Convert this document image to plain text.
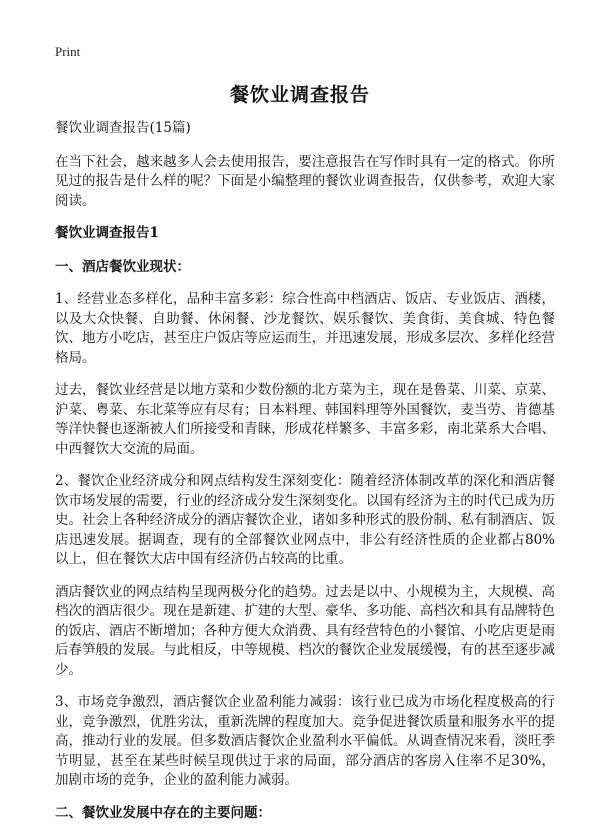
Print
餐饮业调查报告

餐饮业调查报告(15篇)

在当下社会，越来越多人会去使用报告，要注意报告在写作时具有一定的格式。你所见过的报告是什么样的呢？下面是小编整理的餐饮业调查报告，仅供参考，欢迎大家阅读。

餐饮业调查报告1

一、酒店餐饮业现状：

1、经营业态多样化，品种丰富多彩：综合性高中档酒店、饭店、专业饭店、酒楼，以及大众快餐、自助餐、休闲餐、沙龙餐饮、娱乐餐饮、美食街、美食城、特色餐饮、地方小吃店，甚至庄户饭店等应运而生，并迅速发展，形成多层次、多样化经营格局。

过去，餐饮业经营是以地方菜和少数份额的北方菜为主，现在是鲁菜、川菜、京菜、沪菜、粤菜、东北菜等应有尽有；日本料理、韩国料理等外国餐饮，麦当劳、肯德基等洋快餐也逐渐被人们所接受和青睐，形成花样繁多、丰富多彩，南北菜系大合唱、中西餐饮大交流的局面。

2、餐饮企业经济成分和网点结构发生深刻变化：随着经济体制改革的深化和酒店餐饮市场发展的需要，行业的经济成分发生深刻变化。以国有经济为主的时代已成为历史。社会上各种经济成分的酒店餐饮企业，诸如多种形式的股份制、私有制酒店、饭店迅速发展。据调查，现有的全部餐饮业网点中，非公有经济性质的企业都占80%以上，但在餐饮大店中国有经济仍占较高的比重。

酒店餐饮业的网点结构呈现两极分化的趋势。过去是以中、小规模为主，大规模、高档次的酒店很少。现在是新建、扩建的大型、豪华、多功能、高档次和具有品牌特色的饭店、酒店不断增加；各种方便大众消费、具有经营特色的小餐馆、小吃店更是雨后春笋般的发展。与此相反，中等规模、档次的餐饮企业发展缓慢，有的甚至逐步减少。

3、市场竞争激烈，酒店餐饮企业盈利能力减弱：该行业已成为市场化程度极高的行业，竞争激烈，优胜劣汰，重新洗牌的程度加大。竞争促进餐饮质量和服务水平的提高，推动行业的发展。但多数酒店餐饮企业盈利水平偏低。从调查情况来看，淡旺季节明显，甚至在某些时候呈现供过于求的局面，部分酒店的客房入住率不足30%，加剧市场的竞争，企业的盈利能力减弱。

二、餐饮业发展中存在的主要问题：
